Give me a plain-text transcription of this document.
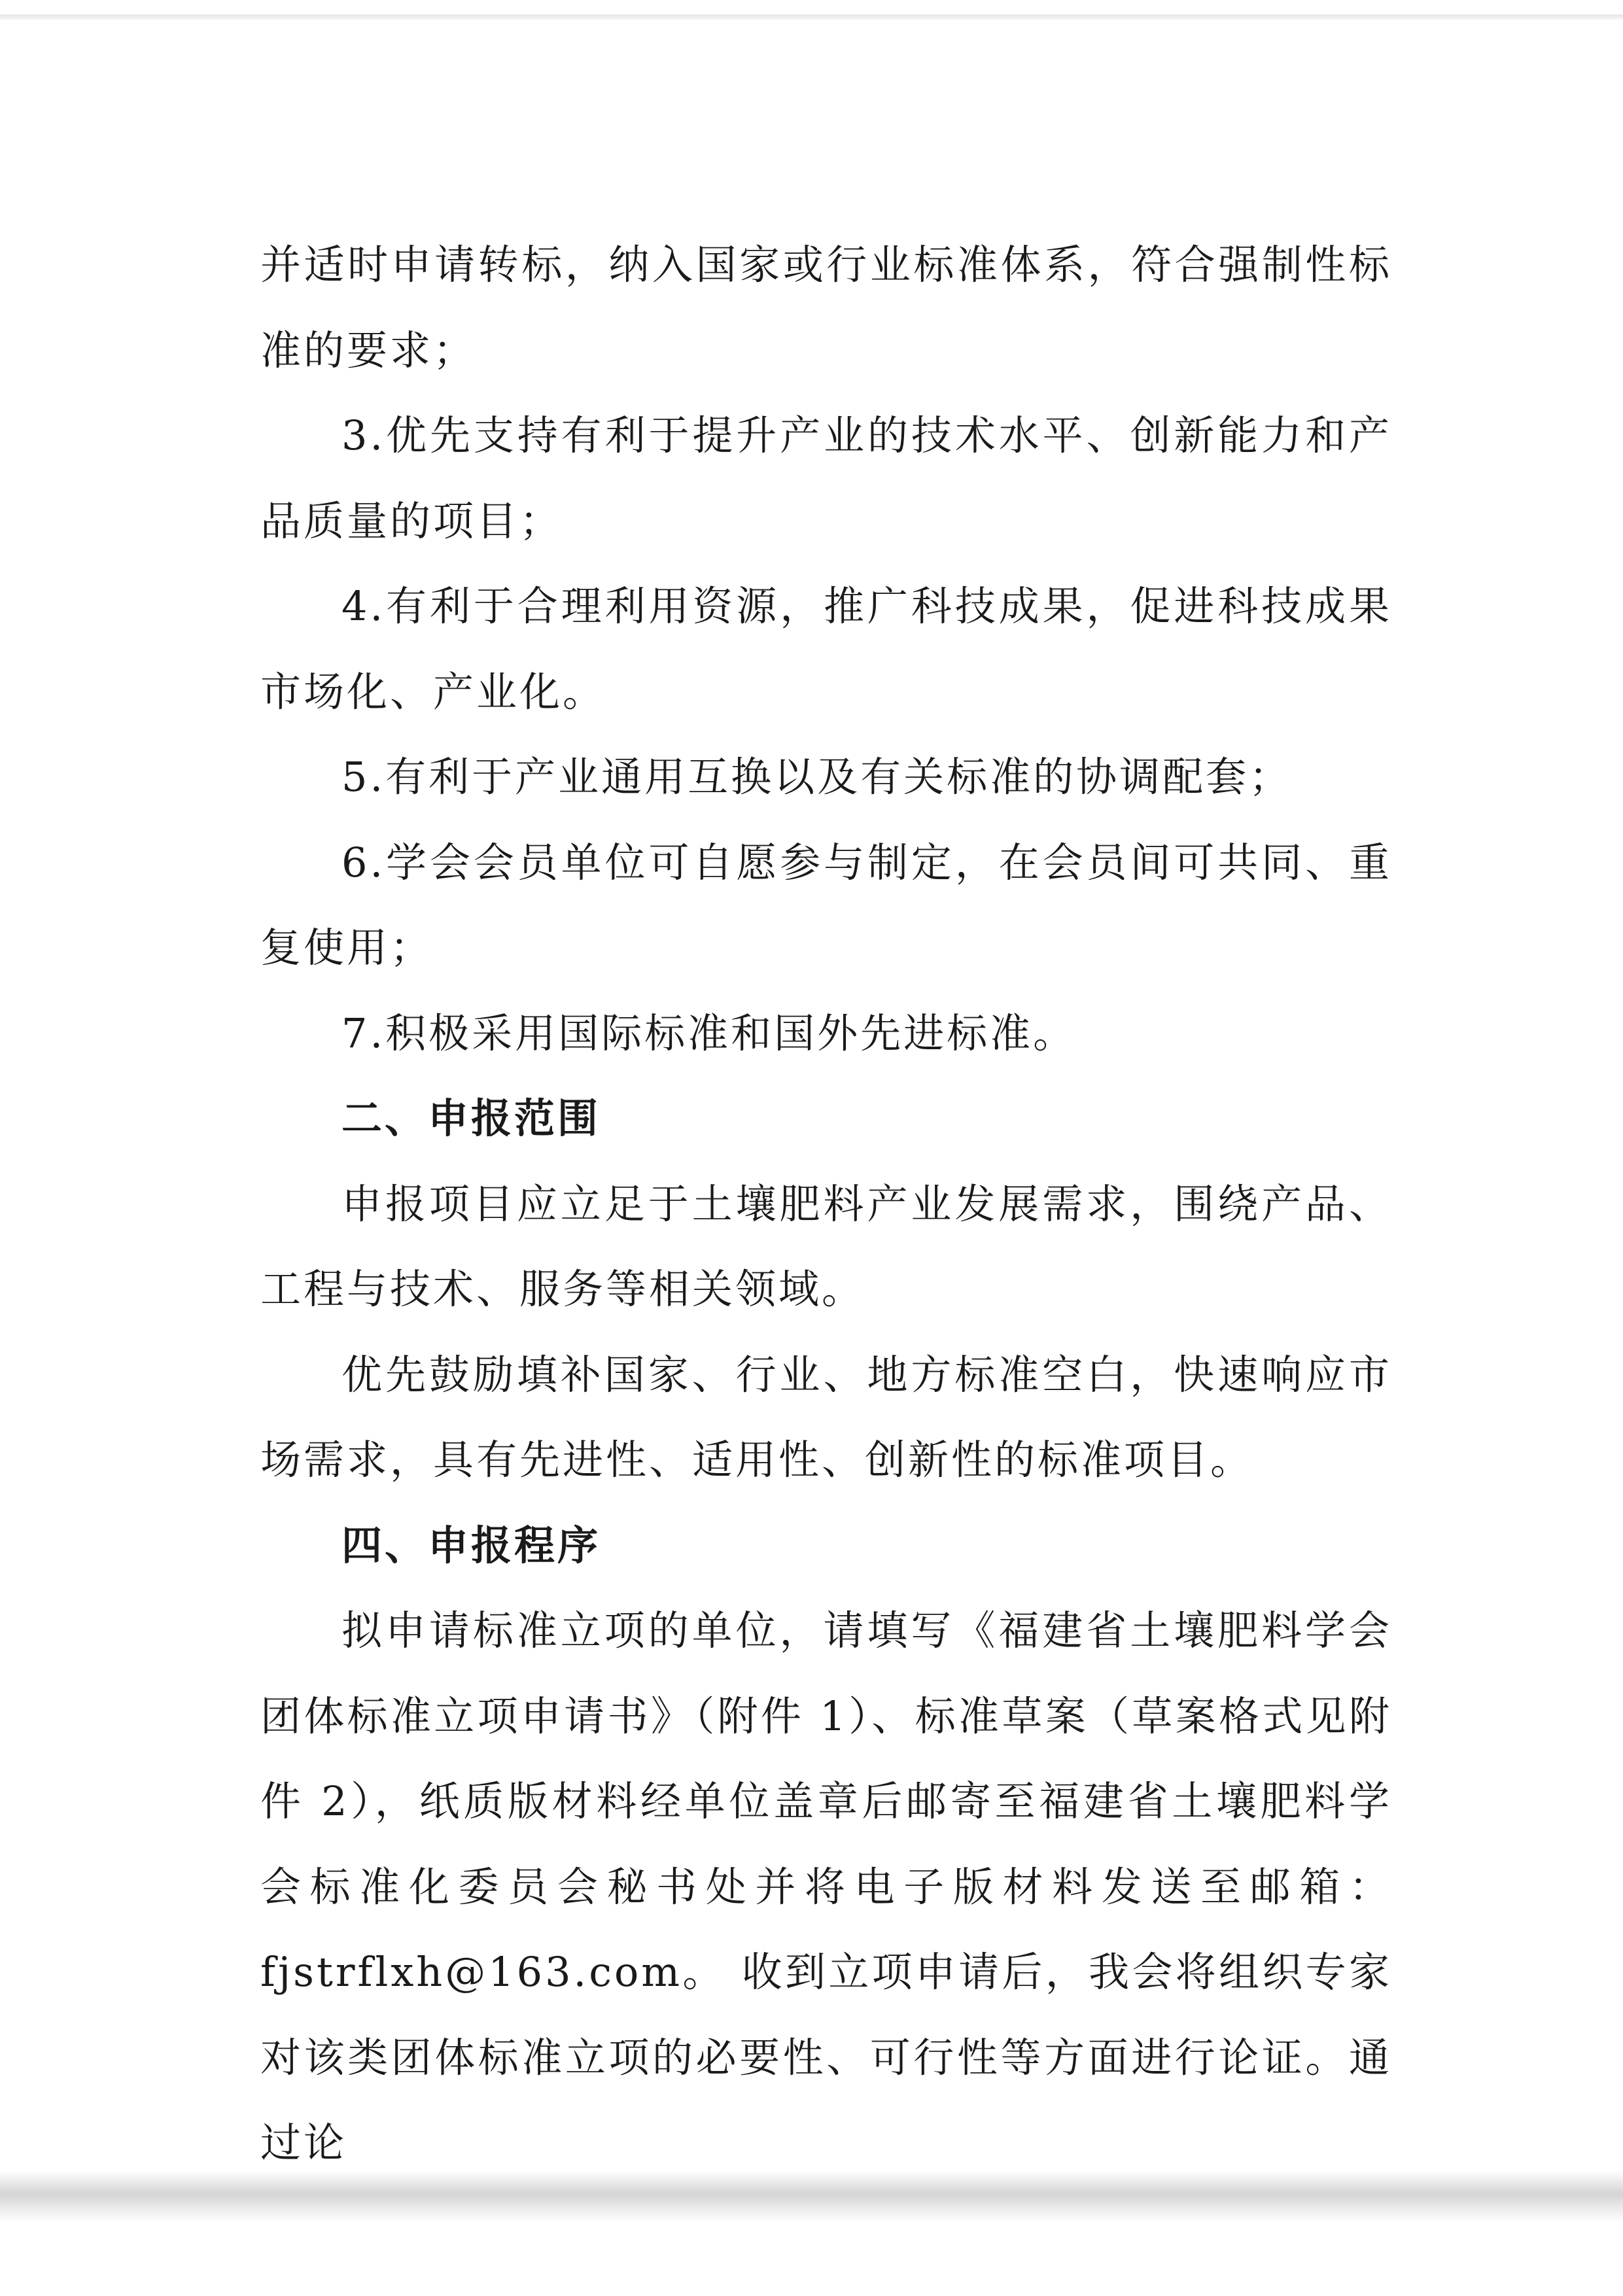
并适时申请转标，纳入国家或行业标准体系，符合强制性标准的要求；

3.优先支持有利于提升产业的技术水平、创新能力和产品质量的项目；

4.有利于合理利用资源，推广科技成果，促进科技成果市场化、产业化。

5.有利于产业通用互换以及有关标准的协调配套；

6.学会会员单位可自愿参与制定，在会员间可共同、重复使用；

7.积极采用国际标准和国外先进标准。

二、申报范围

申报项目应立足于土壤肥料产业发展需求，围绕产品、工程与技术、服务等相关领域。

优先鼓励填补国家、行业、地方标准空白，快速响应市场需求，具有先进性、适用性、创新性的标准项目。

四、申报程序

拟申请标准立项的单位，请填写《福建省土壤肥料学会团体标准立项申请书》（附件 1）、标准草案（草案格式见附件 2），纸质版材料经单位盖章后邮寄至福建省土壤肥料学会标准化委员会秘书处并将电子版材料发送至邮箱：fjstrflxh@163.com。 收到立项申请后，我会将组织专家对该类团体标准立项的必要性、可行性等方面进行论证。通过论
